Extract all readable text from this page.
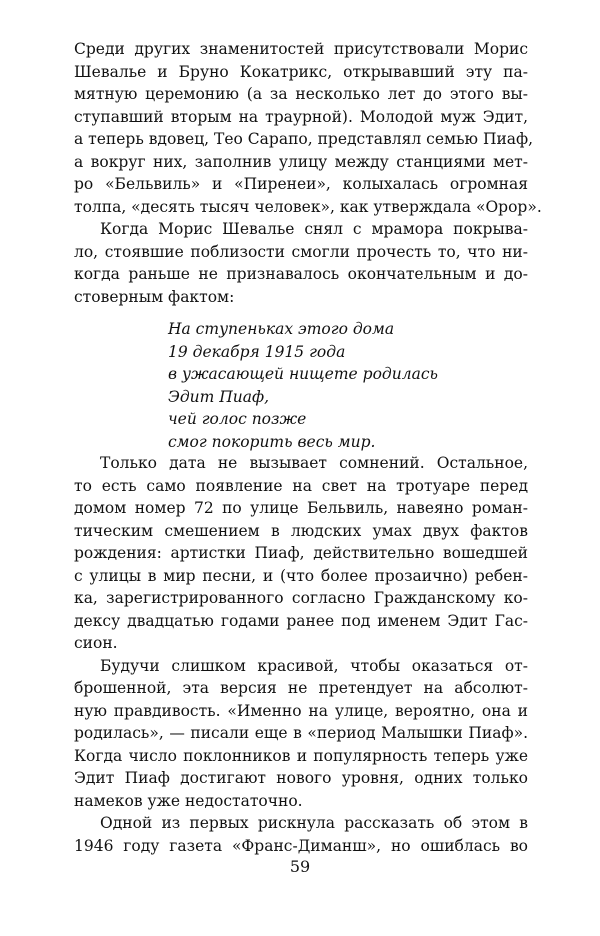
Среди других знаменитостей присутствовали Морис
Шевалье и Бруно Кокатрикс, открывавший эту па-
мятную церемонию (а за несколько лет до этого вы-
ступавший вторым на траурной). Молодой муж Эдит,
а теперь вдовец, Тео Сарапо, представлял семью Пиаф,
а вокруг них, заполнив улицу между станциями мет-
ро «Бельвиль» и «Пиренеи», колыхалась огромная
толпа, «десять тысяч человек», как утверждала «Орор».
Когда Морис Шевалье снял с мрамора покрыва-
ло, стоявшие поблизости смогли прочесть то, что ни-
когда раньше не признавалось окончательным и до-
стоверным фактом:
На ступеньках этого дома
19 декабря 1915 года
в ужасающей нищете родилась
Эдит Пиаф,
чей голос позже
смог покорить весь мир.
Только дата не вызывает сомнений. Остальное,
то есть само появление на свет на тротуаре перед
домом номер 72 по улице Бельвиль, навеяно роман-
тическим смешением в людских умах двух фактов
рождения: артистки Пиаф, действительно вошедшей
с улицы в мир песни, и (что более прозаично) ребен-
ка, зарегистрированного согласно Гражданскому ко-
дексу двадцатью годами ранее под именем Эдит Гас-
сион.
Будучи слишком красивой, чтобы оказаться от-
брошенной, эта версия не претендует на абсолют-
ную правдивость. «Именно на улице, вероятно, она и
родилась», — писали еще в «период Малышки Пиаф».
Когда число поклонников и популярность теперь уже
Эдит Пиаф достигают нового уровня, одних только
намеков уже недостаточно.
Одной из первых рискнула рассказать об этом в
1946 году газета «Франс-Диманш», но ошиблась во
59
